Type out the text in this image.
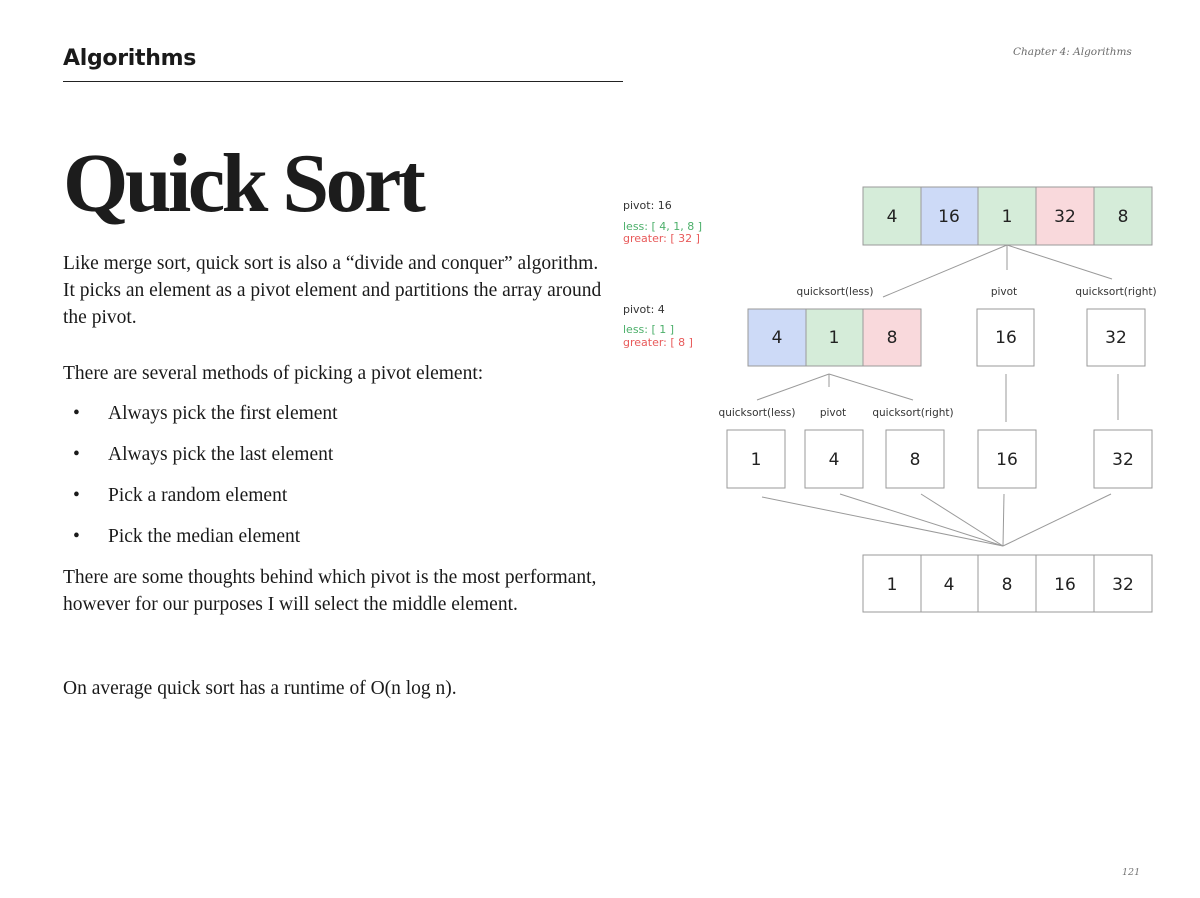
Algorithms	Chapter 4: Algorithms
Quick Sort

Like merge sort, quick sort is also a “divide and conquer” algorithm. It picks an element as a pivot element and partitions the array around the pivot.

There are several methods of picking a pivot element:

• Always pick the first element
• Always pick the last element
• Pick a random element
• Pick the median element

There are some thoughts behind which pivot is the most performant, however for our purposes I will select the middle element.

On average quick sort has a runtime of O(n log n).

pivot: 16
less: [ 4, 1, 8 ]
greater: [ 32 ]
4 16 1 32 8
quicksort(less)	pivot	quicksort(right)
pivot: 4
less: [ 1 ]
greater: [ 8 ]	4	1	8	16	32
quicksort(less) pivot quicksort(right)
1	4	8	16	32
1	4	8 16 32
121
